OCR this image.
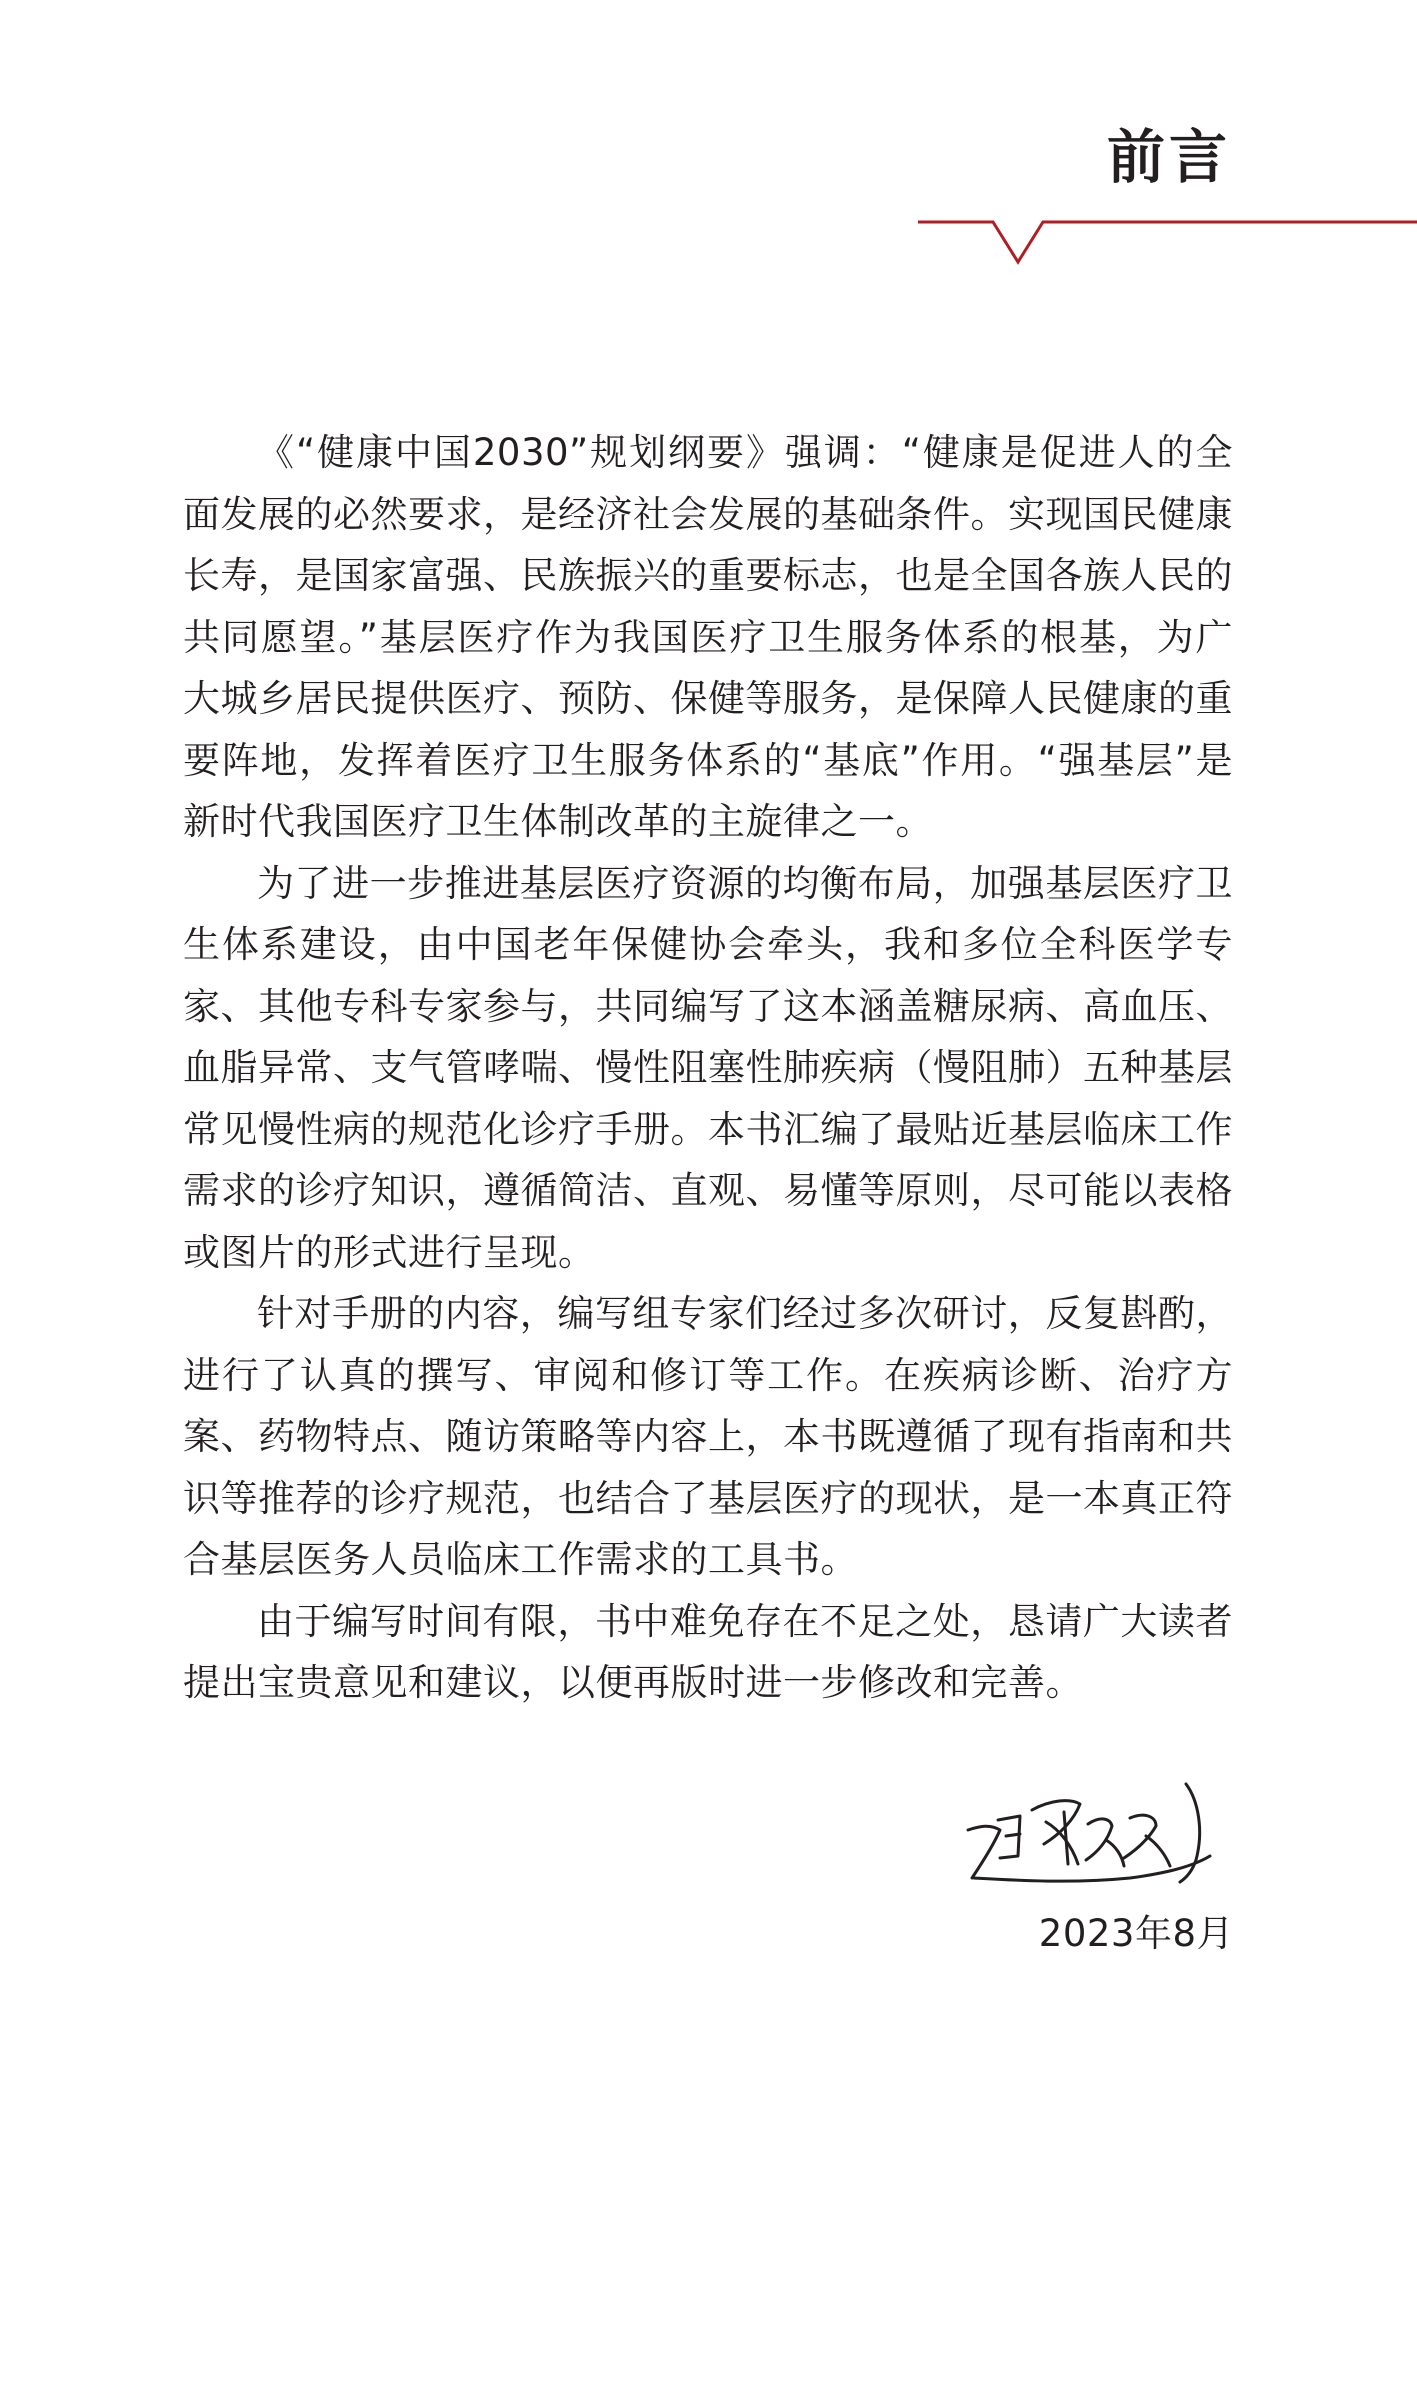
前言

《“健康中国2030”规划纲要》强调：“健康是促进人的全面发展的必然要求，是经济社会发展的基础条件。实现国民健康长寿，是国家富强、民族振兴的重要标志，也是全国各族人民的共同愿望。”基层医疗作为我国医疗卫生服务体系的根基，为广大城乡居民提供医疗、预防、保健等服务，是保障人民健康的重要阵地，发挥着医疗卫生服务体系的“基底”作用。“强基层”是新时代我国医疗卫生体制改革的主旋律之一。

为了进一步推进基层医疗资源的均衡布局，加强基层医疗卫生体系建设，由中国老年保健协会牵头，我和多位全科医学专家、其他专科专家参与，共同编写了这本涵盖糖尿病、高血压、血脂异常、支气管哮喘、慢性阻塞性肺疾病（慢阻肺）五种基层常见慢性病的规范化诊疗手册。本书汇编了最贴近基层临床工作需求的诊疗知识，遵循简洁、直观、易懂等原则，尽可能以表格或图片的形式进行呈现。

针对手册的内容，编写组专家们经过多次研讨，反复斟酌，进行了认真的撰写、审阅和修订等工作。在疾病诊断、治疗方案、药物特点、随访策略等内容上，本书既遵循了现有指南和共识等推荐的诊疗规范，也结合了基层医疗的现状，是一本真正符合基层医务人员临床工作需求的工具书。

由于编写时间有限，书中难免存在不足之处，恳请广大读者提出宝贵意见和建议，以便再版时进一步修改和完善。

2023年8月
